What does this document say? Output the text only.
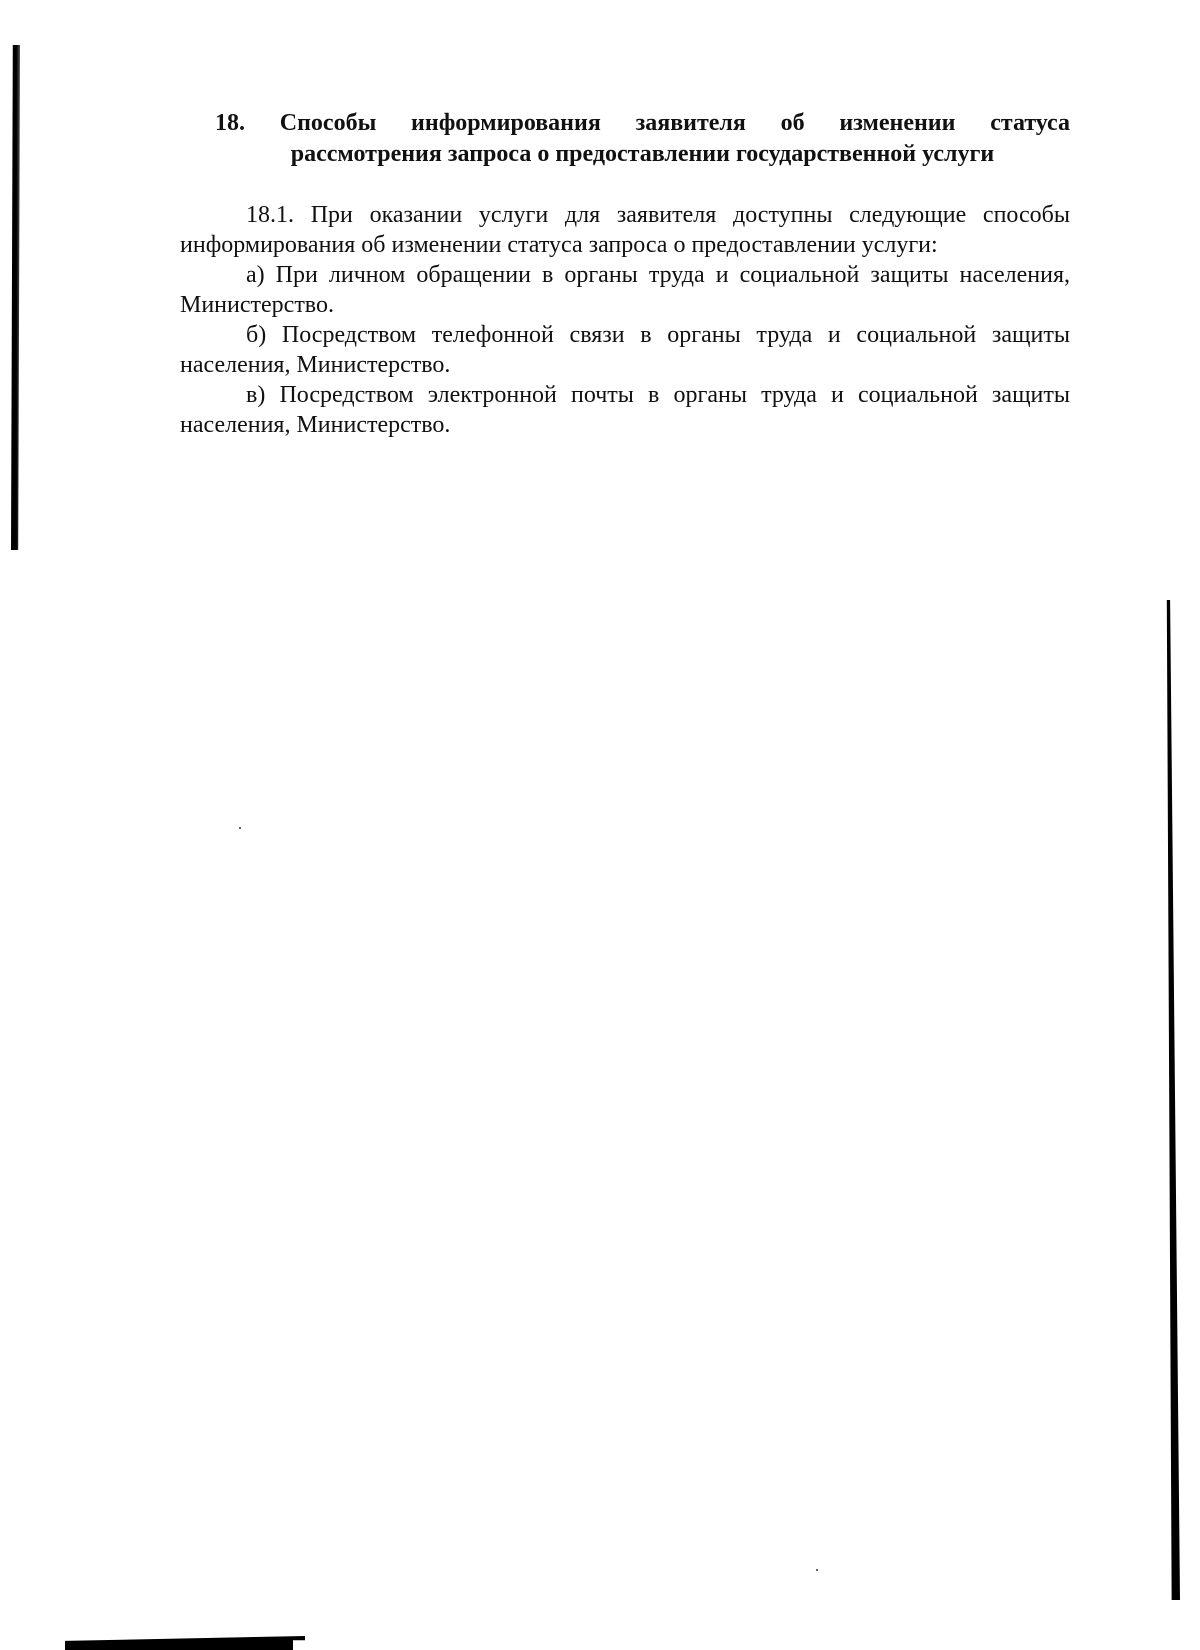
18. Способы информирования заявителя об изменении статуса
рассмотрения запроса о предоставлении государственной услуги

18.1. При оказании услуги для заявителя доступны следующие способы информирования об изменении статуса запроса о предоставлении услуги:

а) При личном обращении в органы труда и социальной защиты населения, Министерство.

б) Посредством телефонной связи в органы труда и социальной защиты населения, Министерство.

в) Посредством электронной почты в органы труда и социальной защиты населения, Министерство.
